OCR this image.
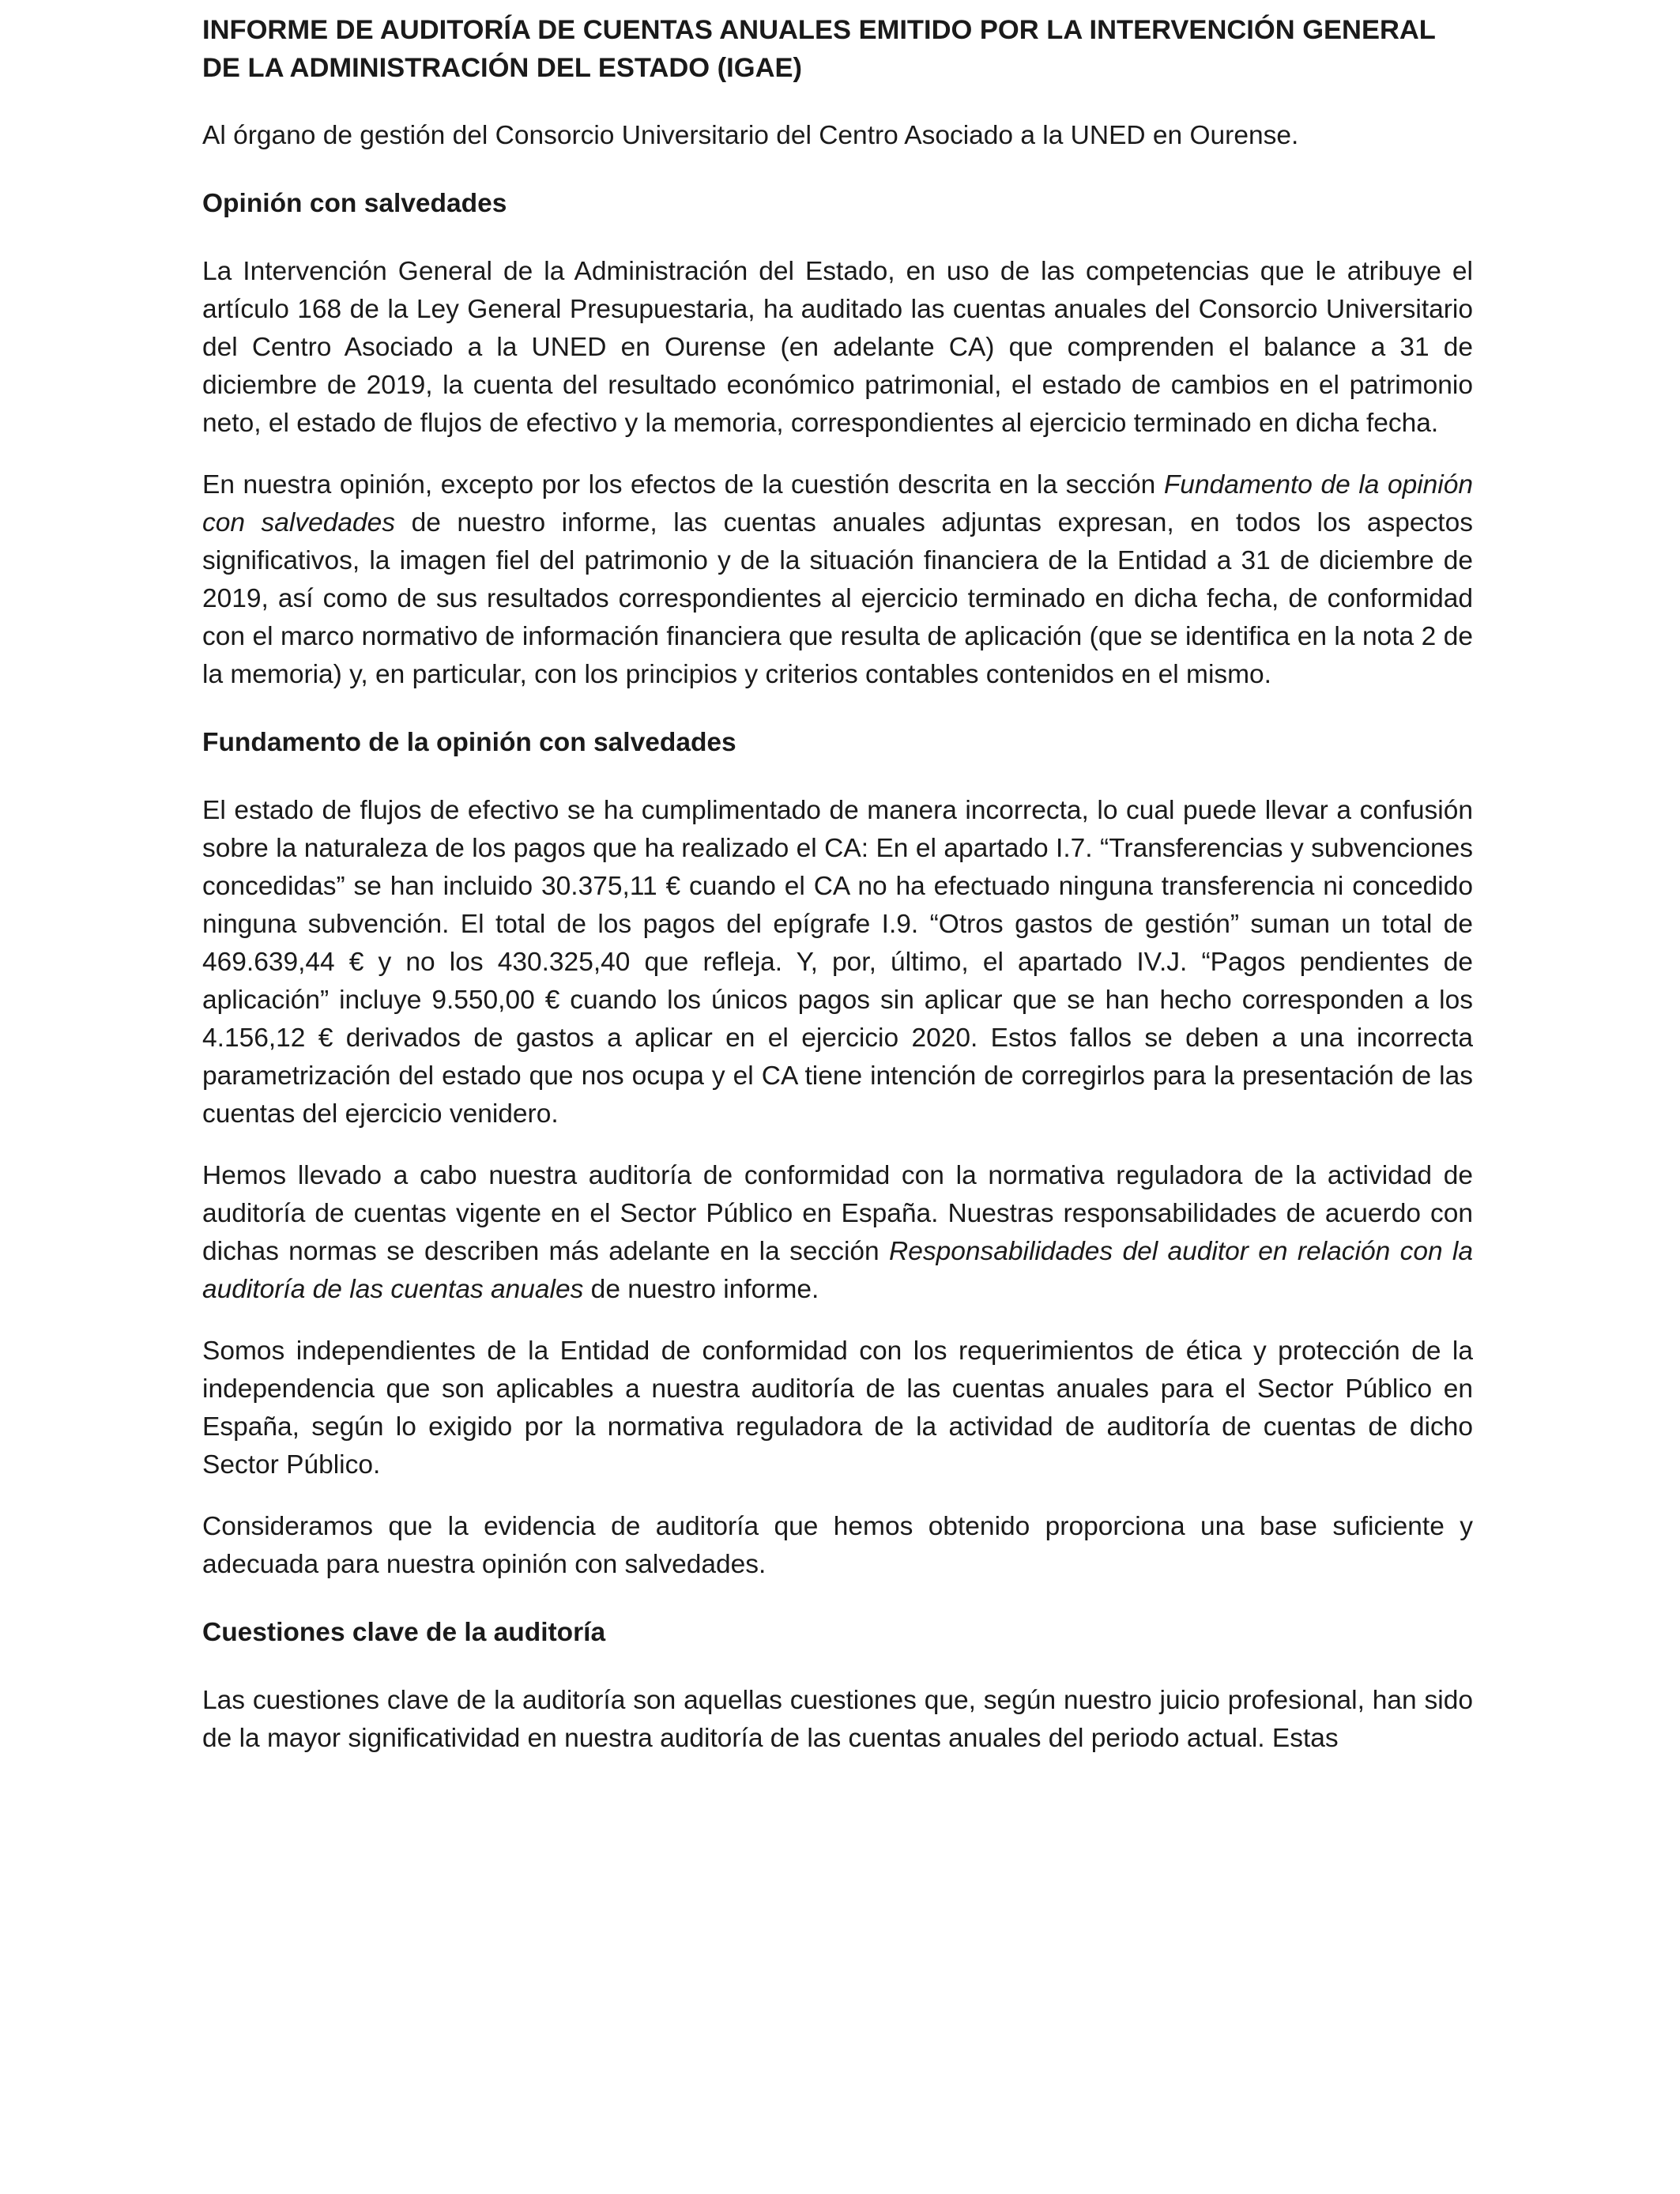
INFORME DE AUDITORÍA DE CUENTAS ANUALES EMITIDO POR LA INTERVENCIÓN GENERAL DE LA ADMINISTRACIÓN DEL ESTADO (IGAE)

Al órgano de gestión del Consorcio Universitario del Centro Asociado a la UNED en Ourense.

Opinión con salvedades

La Intervención General de la Administración del Estado, en uso de las competencias que le atribuye el artículo 168 de la Ley General Presupuestaria, ha auditado las cuentas anuales del Consorcio Universitario del Centro Asociado a la UNED en Ourense (en adelante CA) que comprenden el balance a 31 de diciembre de 2019, la cuenta del resultado económico patrimonial, el estado de cambios en el patrimonio neto, el estado de flujos de efectivo y la memoria, correspondientes al ejercicio terminado en dicha fecha.

En nuestra opinión, excepto por los efectos de la cuestión descrita en la sección Fundamento de la opinión con salvedades de nuestro informe, las cuentas anuales adjuntas expresan, en todos los aspectos significativos, la imagen fiel del patrimonio y de la situación financiera de la Entidad a 31 de diciembre de 2019, así como de sus resultados correspondientes al ejercicio terminado en dicha fecha, de conformidad con el marco normativo de información financiera que resulta de aplicación (que se identifica en la nota 2 de la memoria) y, en particular, con los principios y criterios contables contenidos en el mismo.

Fundamento de la opinión con salvedades

El estado de flujos de efectivo se ha cumplimentado de manera incorrecta, lo cual puede llevar a confusión sobre la naturaleza de los pagos que ha realizado el CA: En el apartado I.7. “Transferencias y subvenciones concedidas” se han incluido 30.375,11 € cuando el CA no ha efectuado ninguna transferencia ni concedido ninguna subvención. El total de los pagos del epígrafe I.9. “Otros gastos de gestión” suman un total de 469.639,44 € y no los 430.325,40 que refleja. Y, por, último, el apartado IV.J. “Pagos pendientes de aplicación” incluye 9.550,00 € cuando los únicos pagos sin aplicar que se han hecho corresponden a los 4.156,12 € derivados de gastos a aplicar en el ejercicio 2020. Estos fallos se deben a una incorrecta parametrización del estado que nos ocupa y el CA tiene intención de corregirlos para la presentación de las cuentas del ejercicio venidero.

Hemos llevado a cabo nuestra auditoría de conformidad con la normativa reguladora de la actividad de auditoría de cuentas vigente en el Sector Público en España. Nuestras responsabilidades de acuerdo con dichas normas se describen más adelante en la sección Responsabilidades del auditor en relación con la auditoría de las cuentas anuales de nuestro informe.

Somos independientes de la Entidad de conformidad con los requerimientos de ética y protección de la independencia que son aplicables a nuestra auditoría de las cuentas anuales para el Sector Público en España, según lo exigido por la normativa reguladora de la actividad de auditoría de cuentas de dicho Sector Público.

Consideramos que la evidencia de auditoría que hemos obtenido proporciona una base suficiente y adecuada para nuestra opinión con salvedades.

Cuestiones clave de la auditoría

Las cuestiones clave de la auditoría son aquellas cuestiones que, según nuestro juicio profesional, han sido de la mayor significatividad en nuestra auditoría de las cuentas anuales del periodo actual. Estas
